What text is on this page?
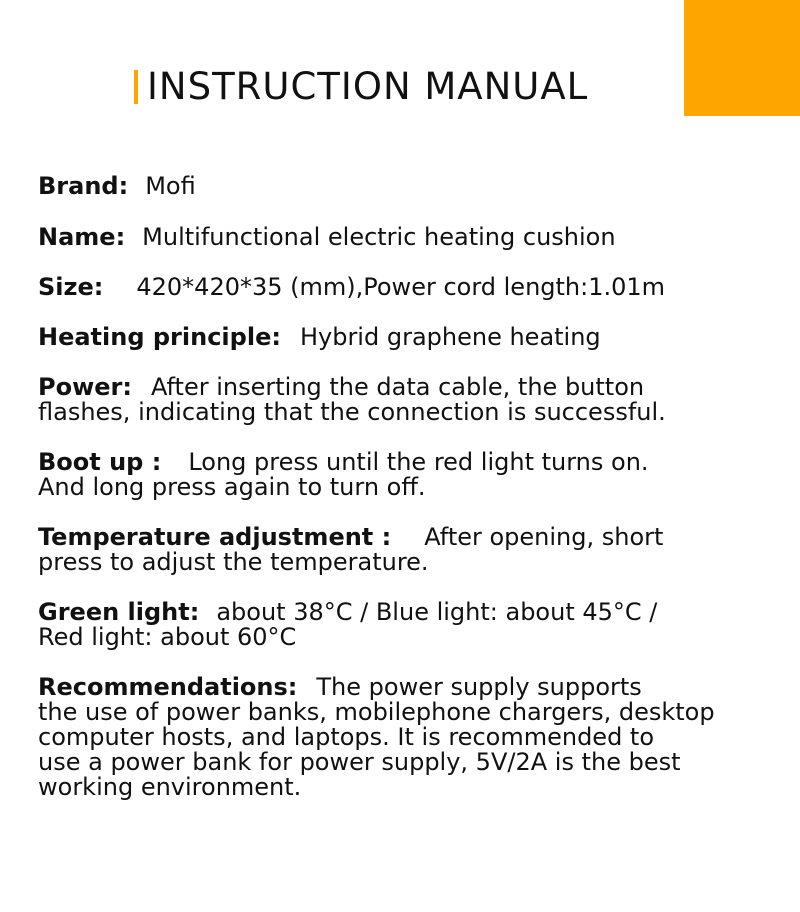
INSTRUCTION MANUAL
Brand: Mofi
Name: Multifunctional electric heating cushion
Size: 420*420*35 (mm),Power cord length:1.01m
Heating principle: Hybrid graphene heating
Power: After inserting the data cable, the button
flashes, indicating that the connection is successful.
Boot up : Long press until the red light turns on.
And long press again to turn off.
Temperature adjustment : After opening, short
press to adjust the temperature.
Green light: about 38°C / Blue light: about 45°C /
Red light: about 60°C
Recommendations: The power supply supports
the use of power banks, mobilephone chargers, desktop
computer hosts, and laptops. It is recommended to
use a power bank for power supply, 5V/2A is the best
working environment.
